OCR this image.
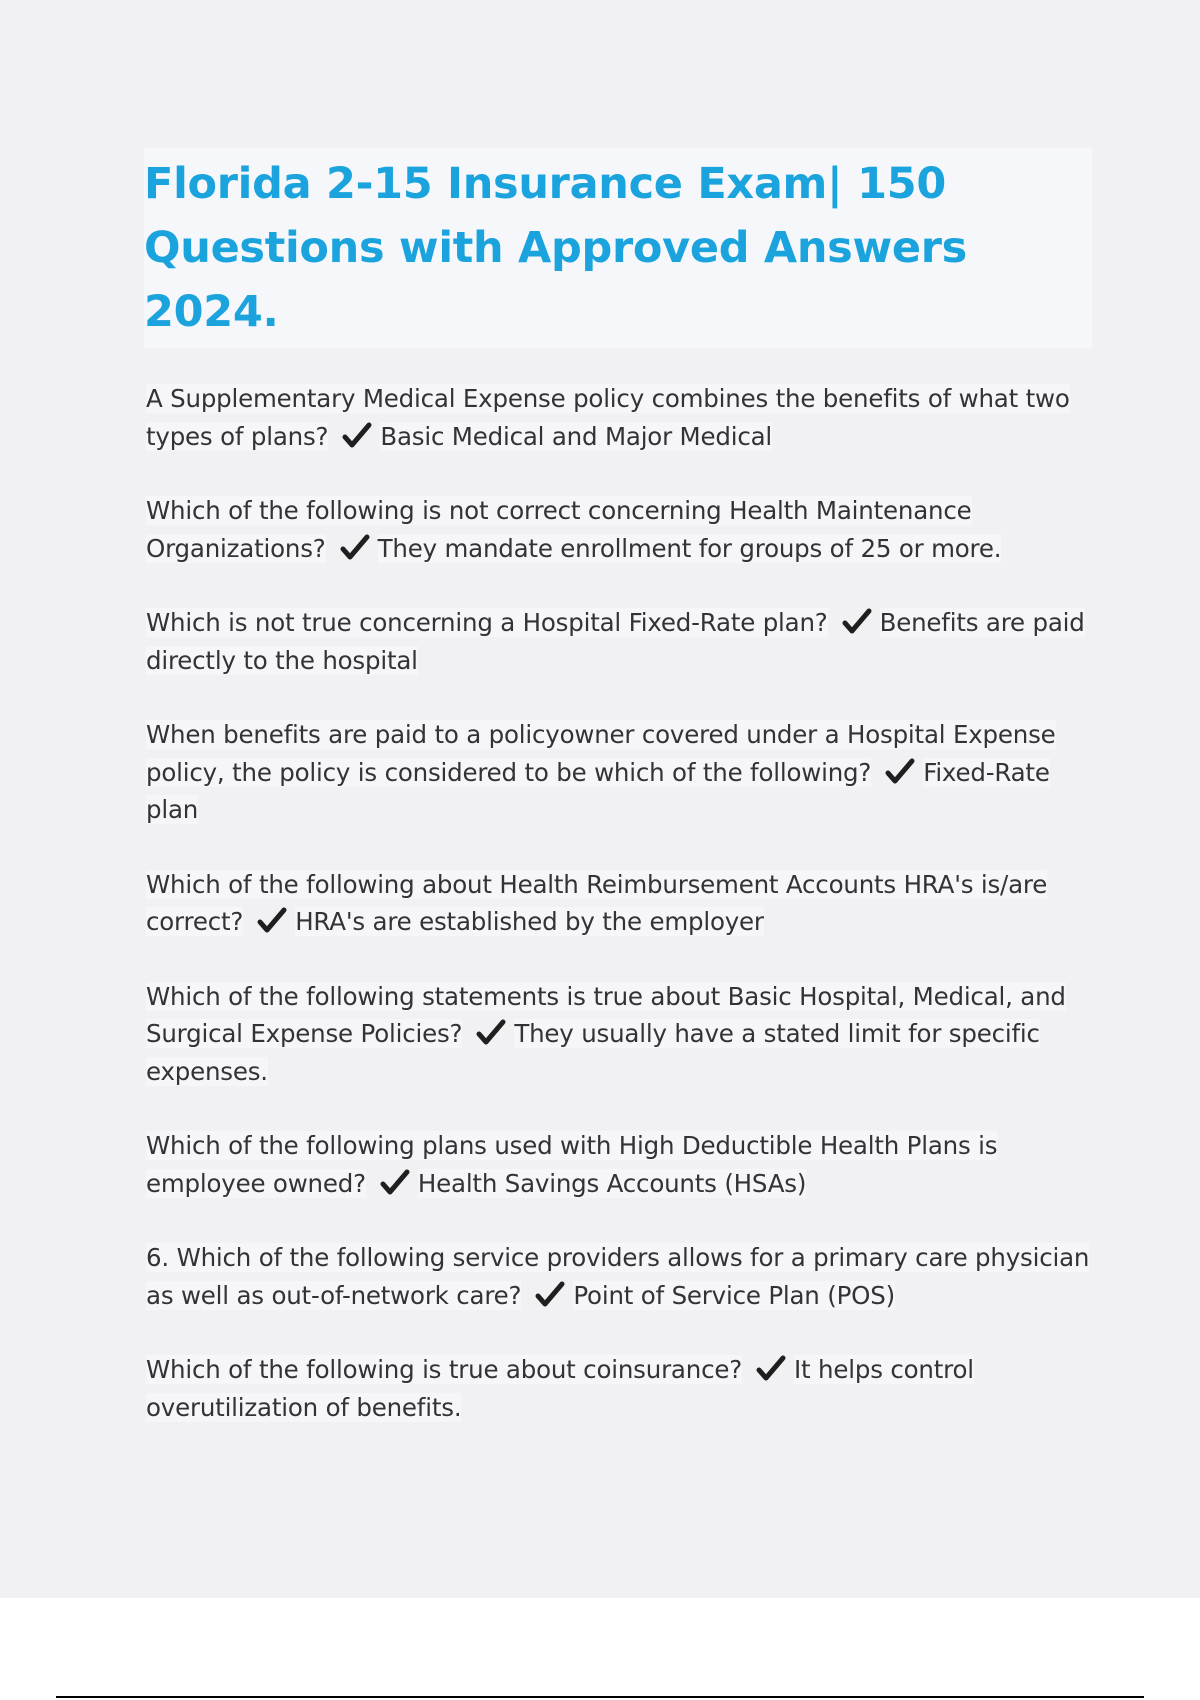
Florida 2-15 Insurance Exam| 150 Questions with Approved Answers 2024.

A Supplementary Medical Expense policy combines the benefits of what two types of plans? Basic Medical and Major Medical

Which of the following is not correct concerning Health Maintenance Organizations? They mandate enrollment for groups of 25 or more.

Which is not true concerning a Hospital Fixed-Rate plan? Benefits are paid directly to the hospital

When benefits are paid to a policyowner covered under a Hospital Expense policy, the policy is considered to be which of the following? Fixed-Rate plan

Which of the following about Health Reimbursement Accounts HRA's is/are correct? HRA's are established by the employer

Which of the following statements is true about Basic Hospital, Medical, and Surgical Expense Policies? They usually have a stated limit for specific expenses.

Which of the following plans used with High Deductible Health Plans is employee owned? Health Savings Accounts (HSAs)

6. Which of the following service providers allows for a primary care physician as well as out-of-network care? Point of Service Plan (POS)

Which of the following is true about coinsurance? It helps control overutilization of benefits.
